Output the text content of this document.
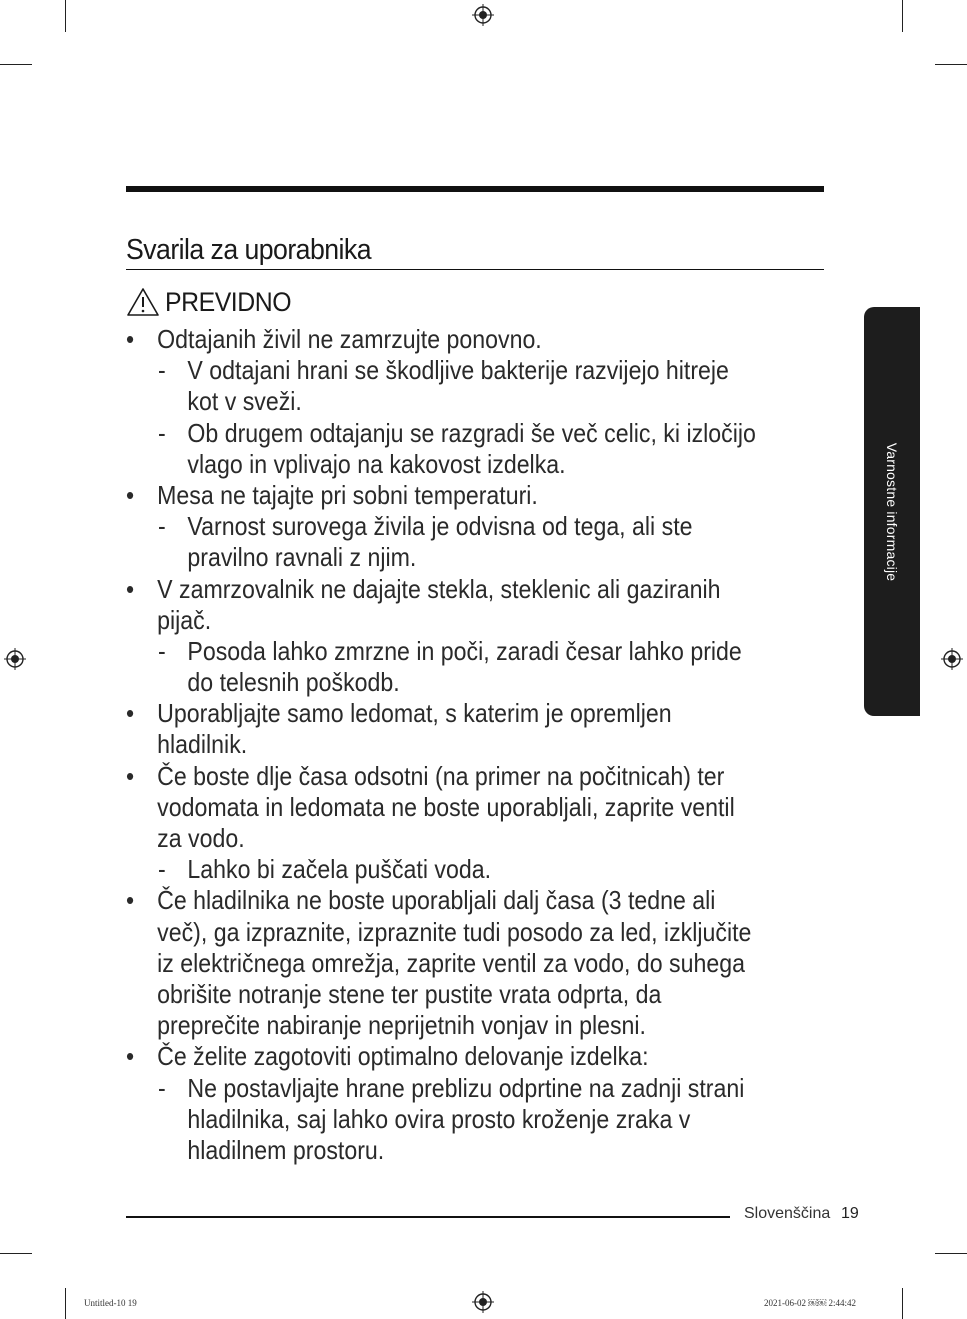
Svarila za uporabnika
PREVIDNO
• Odtajanih živil ne zamrzujte ponovno.
- V odtajani hrani se škodljive bakterije razvijejo hitreje
kot v sveži.
- Ob drugem odtajanju se razgradi še več celic, ki izločijo
vlago in vplivajo na kakovost izdelka.
• Mesa ne tajajte pri sobni temperaturi.
- Varnost surovega živila je odvisna od tega, ali ste
pravilno ravnali z njim.
• V zamrzovalnik ne dajajte stekla, steklenic ali gaziranih
pijač.
- Posoda lahko zmrzne in poči, zaradi česar lahko pride
do telesnih poškodb.
• Uporabljajte samo ledomat, s katerim je opremljen
hladilnik.
• Če boste dlje časa odsotni (na primer na počitnicah) ter
vodomata in ledomata ne boste uporabljali, zaprite ventil
za vodo.
- Lahko bi začela puščati voda.
• Če hladilnika ne boste uporabljali dalj časa (3 tedne ali
več), ga izpraznite, izpraznite tudi posodo za led, izključite
iz električnega omrežja, zaprite ventil za vodo, do suhega
obrišite notranje stene ter pustite vrata odprta, da
preprečite nabiranje neprijetnih vonjav in plesni.
• Če želite zagotoviti optimalno delovanje izdelka:
- Ne postavljajte hrane preblizu odprtine na zadnji strani
hladilnika, saj lahko ovira prosto kroženje zraka v
hladilnem prostoru.
Varnostne informacije
Slovenščina 19
Untitled-10 19	2021-06-02 ￼￼ 2:44:42
